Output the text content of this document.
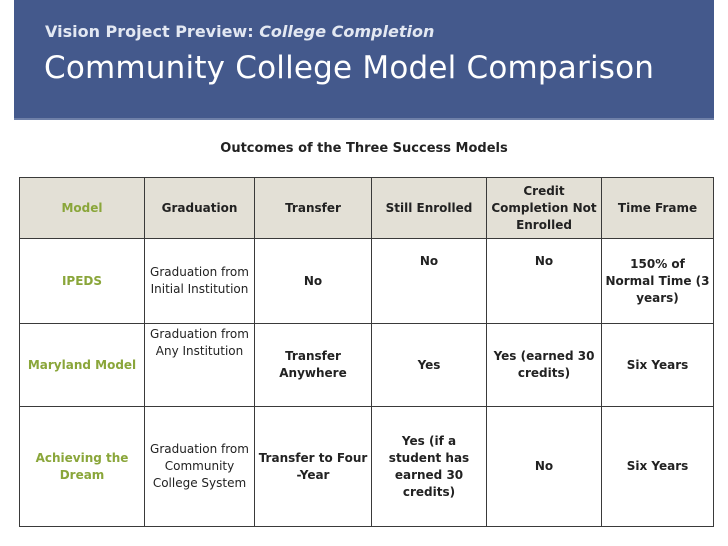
Vision Project Preview: College Completion
Community College Model Comparison
Outcomes of the Three Success Models
Model	Graduation	Transfer	Still Enrolled	Credit Completion Not Enrolled	Time Frame
IPEDS	Graduation from Initial Institution	No	No	No	150% of Normal Time (3 years)
Maryland Model	Graduation from Any Institution	Transfer Anywhere	Yes	Yes (earned 30 credits)	Six Years
Achieving the Dream	Graduation from Community College System	Transfer to Four -Year	Yes (if a student has earned 30 credits)	No	Six Years
